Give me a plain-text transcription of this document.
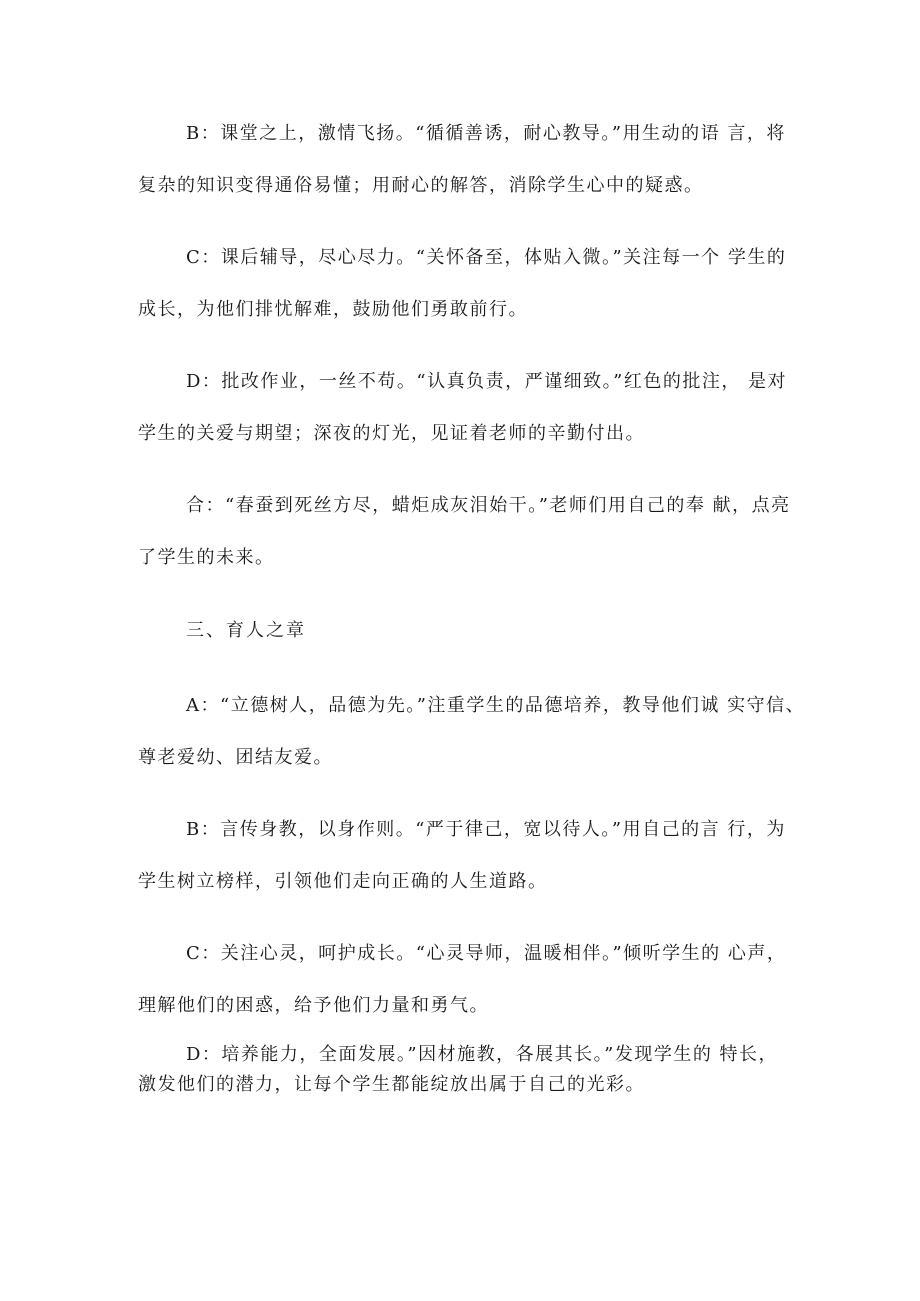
B：课堂之上，激情飞扬。“循循善诱，耐心教导。”用生动的语 言，将
复杂的知识变得通俗易懂；用耐心的解答，消除学生心中的疑惑。

C：课后辅导，尽心尽力。“关怀备至，体贴入微。”关注每一个 学生的
成长，为他们排忧解难，鼓励他们勇敢前行。

D：批改作业，一丝不苟。“认真负责，严谨细致。”红色的批注， 是对
学生的关爱与期望；深夜的灯光，见证着老师的辛勤付出。

合：“春蚕到死丝方尽，蜡炬成灰泪始干。”老师们用自己的奉 献，点亮
了学生的未来。

三、育人之章

A：“立德树人，品德为先。”注重学生的品德培养，教导他们诚 实守信、
尊老爱幼、团结友爱。

B：言传身教，以身作则。“严于律己，宽以待人。”用自己的言 行，为
学生树立榜样，引领他们走向正确的人生道路。

C：关注心灵，呵护成长。“心灵导师，温暖相伴。”倾听学生的 心声，
理解他们的困惑，给予他们力量和勇气。

D：培养能力，全面发展。”因材施教，各展其长。”发现学生的 特长，
激发他们的潜力，让每个学生都能绽放出属于自己的光彩。
